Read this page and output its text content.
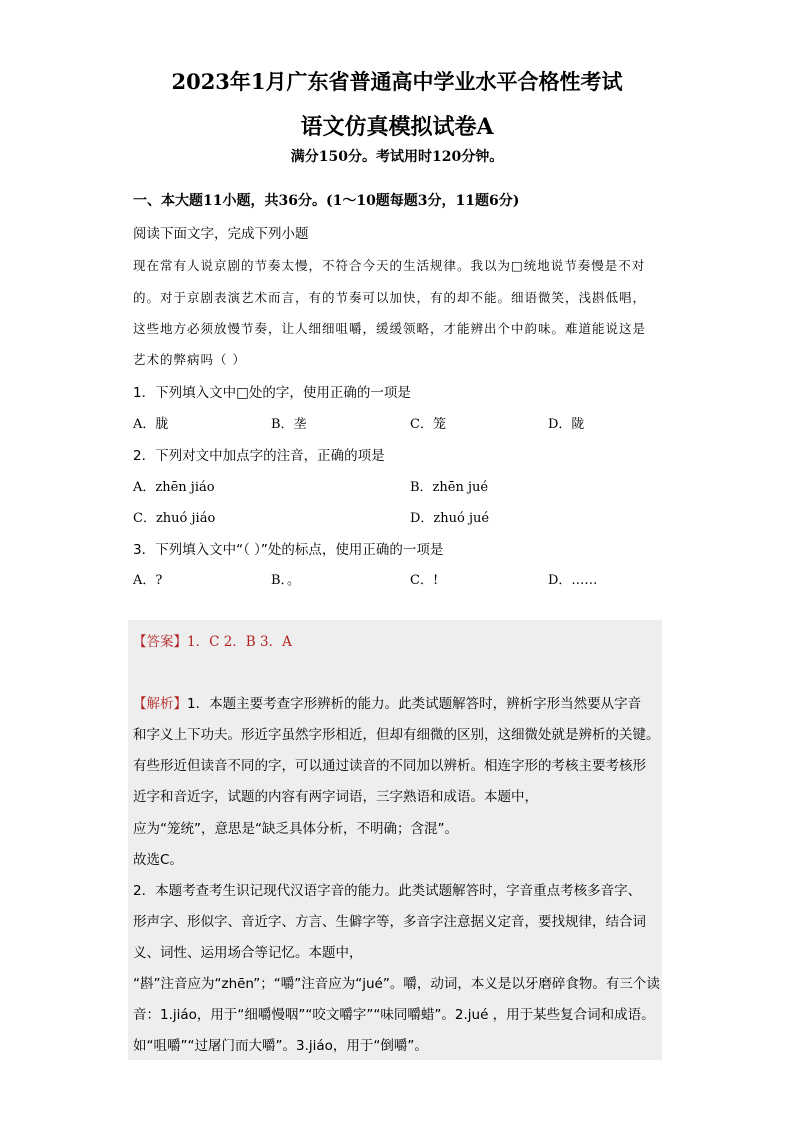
2023年1月广东省普通高中学业水平合格性考试
语文仿真模拟试卷A
满分150分。考试用时120分钟。
一、本大题11小题，共36分。(1～10题每题3分，11题6分)
阅读下面文字，完成下列小题
现在常有人说京剧的节奏太慢，不符合今天的生活规律。我以为□统地说节奏慢是不对
的。对于京剧表演艺术而言，有的节奏可以加快，有的却不能。细语微笑，浅斟低唱，
这些地方必须放慢节奏，让人细细咀嚼，缓缓领略，才能辨出个中韵味。难道能说这是
艺术的弊病吗（ ）
1．下列填入文中□处的字，使用正确的一项是
A．胧	B．垄	C．笼	D．陇
2．下列对文中加点字的注音，正确的项是
A．zhēn jiáo	B．zhēn jué
C．zhuó jiáo	D．zhuó jué
3．下列填入文中“（ ）”处的标点，使用正确的一项是
A．?	B．。	C．!	D．……
【答案】1．C 2．B 3．A
【解析】1．本题主要考查字形辨析的能力。此类试题解答时，辨析字形当然要从字音
和字义上下功夫。形近字虽然字形相近，但却有细微的区别，这细微处就是辨析的关键。
有些形近但读音不同的字，可以通过读音的不同加以辨析。相连字形的考核主要考核形
近字和音近字，试题的内容有两字词语，三字熟语和成语。本题中，
应为“笼统”，意思是“缺乏具体分析，不明确；含混”。
故选C。
2．本题考查考生识记现代汉语字音的能力。此类试题解答时，字音重点考核多音字、
形声字、形似字、音近字、方言、生僻字等，多音字注意据义定音，要找规律，结合词
义、词性、运用场合等记忆。本题中，
“斟”注音应为“zhēn”；“嚼”注音应为“jué”。嚼，动词，本义是以牙磨碎食物。有三个读
音：1.jiáo，用于“细嚼慢咽”“咬文嚼字”“味同嚼蜡”。2.jué ，用于某些复合词和成语。
如“咀嚼”“过屠门而大嚼”。3.jiáo，用于“倒嚼”。
